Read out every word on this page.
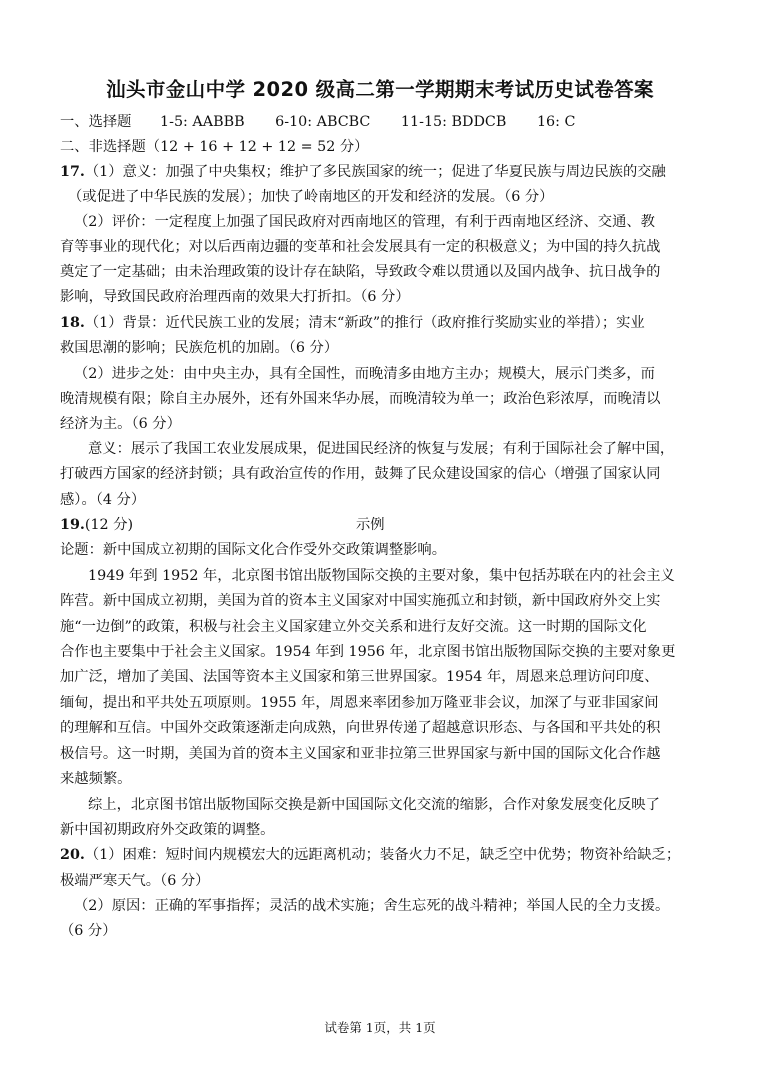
汕头市金山中学 2020 级高二第一学期期末考试历史试卷答案
一、选择题 1-5: AABBB 6-10: ABCBC 11-15: BDDCB 16: C
二、非选择题（12 + 16 + 12 + 12 = 52 分）
17.（1）意义：加强了中央集权；维护了多民族国家的统一；促进了华夏民族与周边民族的交融
（或促进了中华民族的发展）；加快了岭南地区的开发和经济的发展。（6 分）
（2）评价：一定程度上加强了国民政府对西南地区的管理，有利于西南地区经济、交通、教
育等事业的现代化；对以后西南边疆的变革和社会发展具有一定的积极意义；为中国的持久抗战
奠定了一定基础；由未治理政策的设计存在缺陷，导致政令难以贯通以及国内战争、抗日战争的
影响，导致国民政府治理西南的效果大打折扣。（6 分）
18.（1）背景：近代民族工业的发展；清末“新政”的推行（政府推行奖励实业的举措）；实业
救国思潮的影响；民族危机的加剧。（6 分）
（2）进步之处：由中央主办，具有全国性，而晚清多由地方主办；规模大，展示门类多，而
晚清规模有限；除自主办展外，还有外国来华办展，而晚清较为单一；政治色彩浓厚，而晚清以
经济为主。（6 分）
意义：展示了我国工农业发展成果，促进国民经济的恢复与发展；有利于国际社会了解中国，
打破西方国家的经济封锁；具有政治宣传的作用，鼓舞了民众建设国家的信心（增强了国家认同
感）。（4 分）
19.(12 分)	示例
论题：新中国成立初期的国际文化合作受外交政策调整影响。
1949 年到 1952 年，北京图书馆出版物国际交换的主要对象，集中包括苏联在内的社会主义
阵营。新中国成立初期，美国为首的资本主义国家对中国实施孤立和封锁，新中国政府外交上实
施“一边倒”的政策，积极与社会主义国家建立外交关系和进行友好交流。这一时期的国际文化
合作也主要集中于社会主义国家。1954 年到 1956 年，北京图书馆出版物国际交换的主要对象更
加广泛，增加了美国、法国等资本主义国家和第三世界国家。1954 年，周恩来总理访问印度、
缅甸，提出和平共处五项原则。1955 年，周恩来率团参加万隆亚非会议，加深了与亚非国家间
的理解和互信。中国外交政策逐渐走向成熟，向世界传递了超越意识形态、与各国和平共处的积
极信号。这一时期，美国为首的资本主义国家和亚非拉第三世界国家与新中国的国际文化合作越
来越频繁。
综上，北京图书馆出版物国际交换是新中国国际文化交流的缩影，合作对象发展变化反映了
新中国初期政府外交政策的调整。
20.（1）困难：短时间内规模宏大的远距离机动；装备火力不足，缺乏空中优势；物资补给缺乏；
极端严寒天气。（6 分）
（2）原因：正确的军事指挥；灵活的战术实施；舍生忘死的战斗精神；举国人民的全力支援。
（6 分）
试卷第 1页，共 1页
